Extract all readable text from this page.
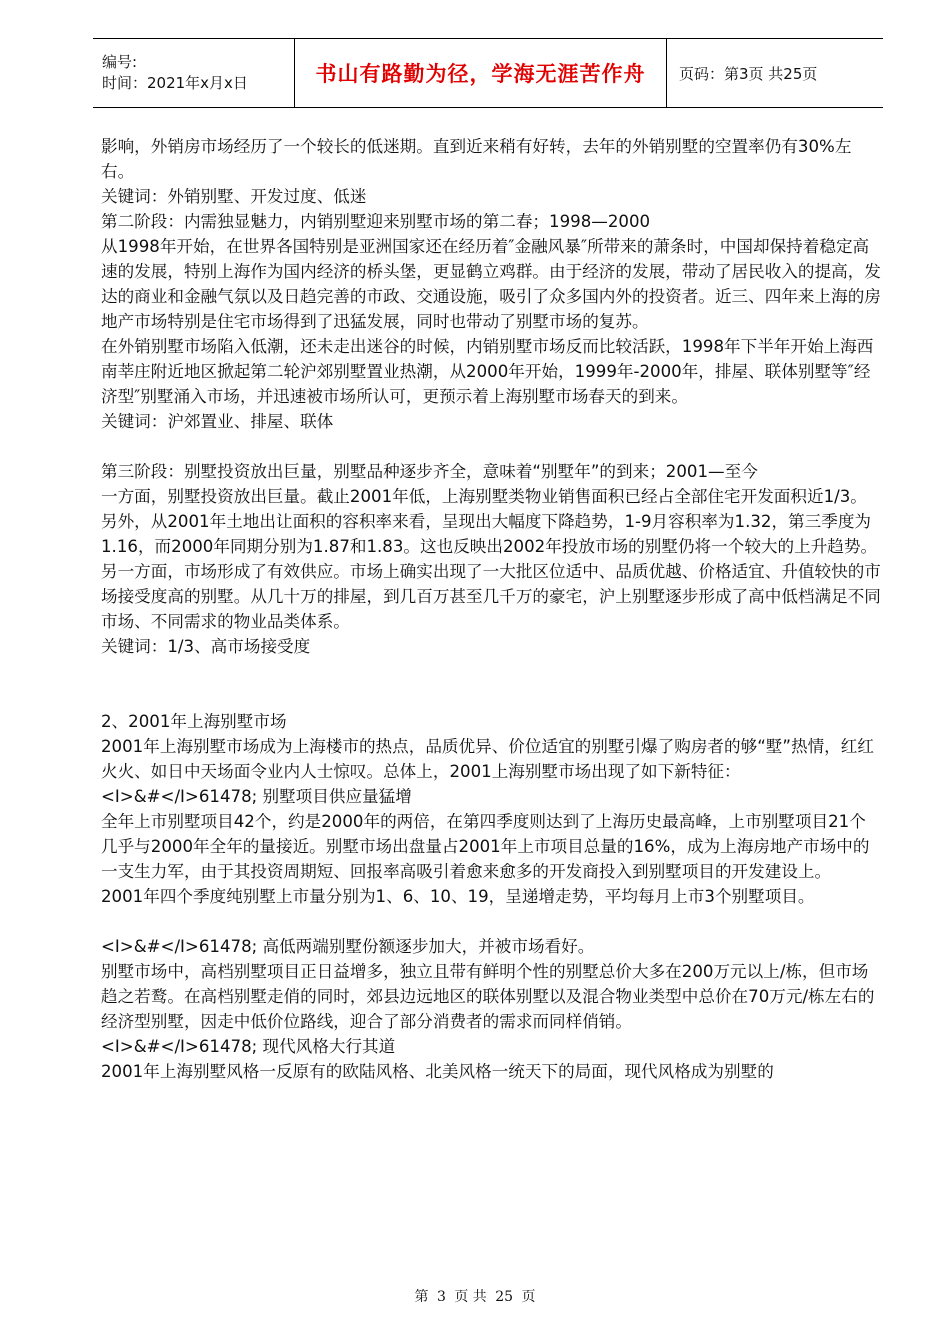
编号:
时间：2021年x月x日	书山有路勤为径，学海无涯苦作舟 页码：第3页 共25页

影响，外销房市场经历了一个较长的低迷期。直到近来稍有好转，去年的外销别墅的空置率仍有30%左右。

关键词：外销别墅、开发过度、低迷

第二阶段：内需独显魅力，内销别墅迎来别墅市场的第二春；1998—2000

从1998年开始，在世界各国特别是亚洲国家还在经历着″金融风暴″所带来的萧条时，中国却保持着稳定高速的发展，特别上海作为国内经济的桥头堡，更显鹤立鸡群。由于经济的发展，带动了居民收入的提高，发达的商业和金融气氛以及日趋完善的市政、交通设施，吸引了众多国内外的投资者。近三、四年来上海的房地产市场特别是住宅市场得到了迅猛发展，同时也带动了别墅市场的复苏。

在外销别墅市场陷入低潮，还未走出迷谷的时候，内销别墅市场反而比较活跃，1998年下半年开始上海西南莘庄附近地区掀起第二轮沪郊别墅置业热潮，从2000年开始，1999年-2000年，排屋、联体别墅等″经济型″别墅涌入市场，并迅速被市场所认可，更预示着上海别墅市场春天的到来。

关键词：沪郊置业、排屋、联体

第三阶段：别墅投资放出巨量，别墅品种逐步齐全，意味着“别墅年”的到来；2001—至今

一方面，别墅投资放出巨量。截止2001年低，上海别墅类物业销售面积已经占全部住宅开发面积近1/3。另外，从2001年土地出让面积的容积率来看，呈现出大幅度下降趋势，1-9月容积率为1.32，第三季度为1.16，而2000年同期分别为1.87和1.83。这也反映出2002年投放市场的别墅仍将一个较大的上升趋势。

另一方面，市场形成了有效供应。市场上确实出现了一大批区位适中、品质优越、价格适宜、升值较快的市场接受度高的别墅。从几十万的排屋，到几百万甚至几千万的豪宅，沪上别墅逐步形成了高中低档满足不同市场、不同需求的物业品类体系。

关键词：1/3、高市场接受度

2、2001年上海别墅市场

2001年上海别墅市场成为上海楼市的热点，品质优异、价位适宜的别墅引爆了购房者的够“墅”热情，红红火火、如日中天场面令业内人士惊叹。总体上，2001上海别墅市场出现了如下新特征：

<I>&#</I>61478; 别墅项目供应量猛增

全年上市别墅项目42个，约是2000年的两倍，在第四季度则达到了上海历史最高峰，上市别墅项目21个几乎与2000年全年的量接近。别墅市场出盘量占2001年上市项目总量的16%，成为上海房地产市场中的一支生力军，由于其投资周期短、回报率高吸引着愈来愈多的开发商投入到别墅项目的开发建设上。

2001年四个季度纯别墅上市量分别为1、6、10、19，呈递增走势，平均每月上市3个别墅项目。

<I>&#</I>61478; 高低两端别墅份额逐步加大，并被市场看好。

别墅市场中，高档别墅项目正日益增多，独立且带有鲜明个性的别墅总价大多在200万元以上/栋，但市场趋之若鹜。在高档别墅走俏的同时，郊县边远地区的联体别墅以及混合物业类型中总价在70万元/栋左右的经济型别墅，因走中低价位路线，迎合了部分消费者的需求而同样俏销。

<I>&#</I>61478; 现代风格大行其道

2001年上海别墅风格一反原有的欧陆风格、北美风格一统天下的局面，现代风格成为别墅的

第 3 页 共 25 页
